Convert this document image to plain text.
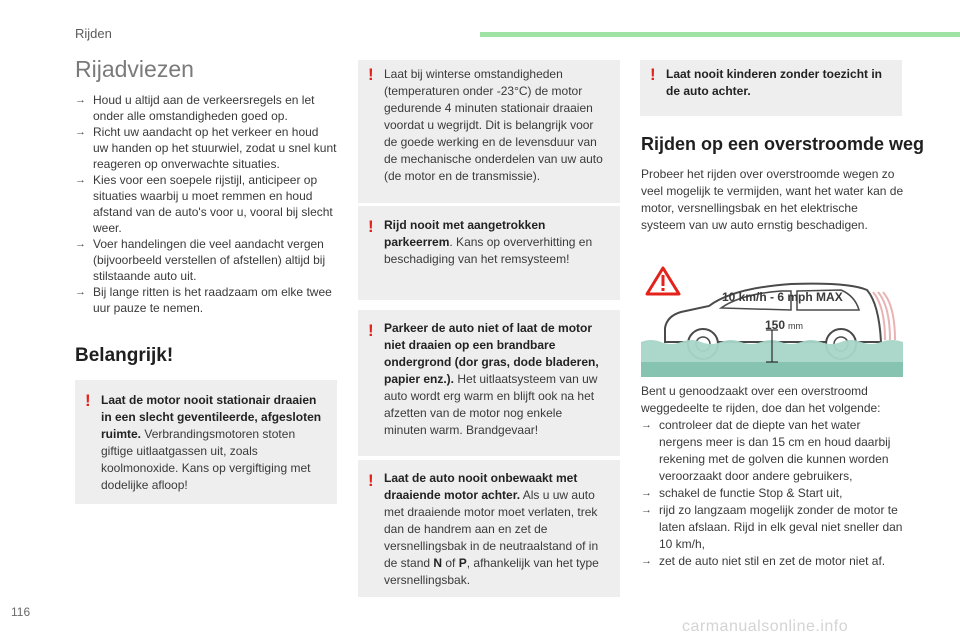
Rijden
Rijadviezen
→ Houd u altijd aan de verkeersregels en let onder alle omstandigheden goed op.
→ Richt uw aandacht op het verkeer en houd uw handen op het stuurwiel, zodat u snel kunt reageren op onverwachte situaties.
→ Kies voor een soepele rijstijl, anticipeer op situaties waarbij u moet remmen en houd afstand van de auto's voor u, vooral bij slecht weer.
→ Voer handelingen die veel aandacht vergen (bijvoorbeeld verstellen of afstellen) altijd bij stilstaande auto uit.
→ Bij lange ritten is het raadzaam om elke twee uur pauze te nemen.
Belangrijk!
! Laat de motor nooit stationair draaien in een slecht geventileerde, afgesloten ruimte. Verbrandingsmotoren stoten giftige uitlaatgassen uit, zoals koolmonoxide. Kans op vergiftiging met dodelijke afloop!
! Laat bij winterse omstandigheden (temperaturen onder -23°C) de motor gedurende 4 minuten stationair draaien voordat u wegrijdt. Dit is belangrijk voor de goede werking en de levensduur van de mechanische onderdelen van uw auto (de motor en de transmissie).
! Rijd nooit met aangetrokken parkeerrem. Kans op oververhitting en beschadiging van het remsysteem!
! Parkeer de auto niet of laat de motor niet draaien op een brandbare ondergrond (dor gras, dode bladeren, papier enz.). Het uitlaatsysteem van uw auto wordt erg warm en blijft ook na het afzetten van de motor nog enkele minuten warm. Brandgevaar!
! Laat de auto nooit onbewaakt met draaiende motor achter. Als u uw auto met draaiende motor moet verlaten, trek dan de handrem aan en zet de versnellingsbak in de neutraalstand of in de stand N of P, afhankelijk van het type versnellingsbak.
! Laat nooit kinderen zonder toezicht in de auto achter.
Rijden op een overstroomde weg
Probeer het rijden over overstroomde wegen zo veel mogelijk te vermijden, want het water kan de motor, versnellingsbak en het elektrische systeem van uw auto ernstig beschadigen.
10 km/h - 6 mph MAX
150 mm
Bent u genoodzaakt over een overstroomd weggedeelte te rijden, doe dan het volgende:
→ controleer dat de diepte van het water nergens meer is dan 15 cm en houd daarbij rekening met de golven die kunnen worden veroorzaakt door andere gebruikers,
→ schakel de functie Stop & Start uit,
→ rijd zo langzaam mogelijk zonder de motor te laten afslaan. Rijd in elk geval niet sneller dan 10 km/h,
→ zet de auto niet stil en zet de motor niet af.
116
carmanualsonline.info
